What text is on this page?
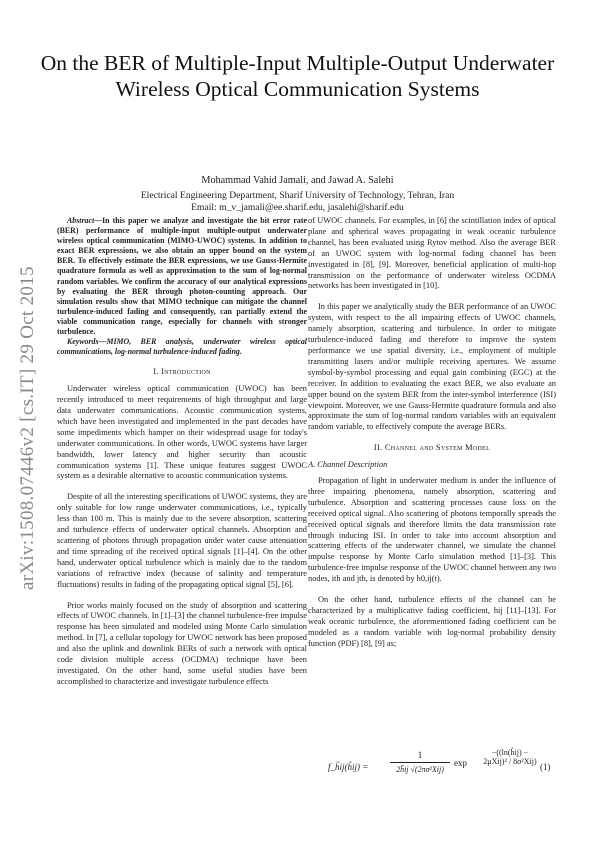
On the BER of Multiple-Input Multiple-Output Underwater Wireless Optical Communication Systems
Mohammad Vahid Jamali, and Jawad A. Salehi
Electrical Engineering Department, Sharif University of Technology, Tehran, Iran
Email: m_v_jamali@ee.sharif.edu, jasalehi@sharif.edu
arXiv:1508.07446v2 [cs.IT] 29 Oct 2015

Abstract—In this paper we analyze and investigate the bit error rate (BER) performance of multiple-input multiple-output underwater wireless optical communication (MIMO-UWOC) systems. In addition to exact BER expressions, we also obtain an upper bound on the system BER. To effectively estimate the BER expressions, we use Gauss-Hermite quadrature formula as well as approximation to the sum of log-normal random variables. We confirm the accuracy of our analytical expressions by evaluating the BER through photon-counting approach. Our simulation results show that MIMO technique can mitigate the channel turbulence-induced fading and consequently, can partially extend the viable communication range, especially for channels with stronger turbulence.

Keywords—MIMO, BER analysis, underwater wireless optical communications, log-normal turbulence-induced fading.

I. Introduction

Underwater wireless optical communication (UWOC) has been recently introduced to meet requirements of high throughput and large data underwater communications. Acoustic communication systems, which have been investigated and implemented in the past decades have some impediments which hamper on their widespread usage for today's underwater communications. In other words, UWOC systems have larger bandwidth, lower latency and higher security than acoustic communication systems [1]. These unique features suggest UWOC system as a desirable alternative to acoustic communication systems.

Despite of all the interesting specifications of UWOC systems, they are only suitable for low range underwater communications, i.e., typically less than 100 m. This is mainly due to the severe absorption, scattering and turbulence effects of underwater optical channels. Absorption and scattering of photons through propagation under water cause attenuation and time spreading of the received optical signals [1]–[4]. On the other hand, underwater optical turbulence which is mainly due to the random variations of refractive index (because of salinity and temperature fluctuations) results in fading of the propagating optical signal [5], [6].

Prior works mainly focused on the study of absorption and scattering effects of UWOC channels. In [1]–[3] the channel turbulence-free impulse response has been simulated and modeled using Monte Carlo simulation method. In [7], a cellular topology for UWOC network has been proposed and also the uplink and downlink BERs of such a network with optical code division multiple access (OCDMA) technique have been investigated. On the other hand, some useful studies have been accomplished to characterize and investigate turbulence effects

of UWOC channels. For examples, in [6] the scintillation index of optical plane and spherical waves propagating in weak oceanic turbulence channel, has been evaluated using Rytov method. Also the average BER of an UWOC system with log-normal fading channel has been investigated in [8], [9]. Moreover, beneficial application of multi-hop transmission on the performance of underwater wireless OCDMA networks has been investigated in [10].

In this paper we analytically study the BER performance of an UWOC system, with respect to the all impairing effects of UWOC channels, namely absorption, scattering and turbulence. In order to mitigate turbulence-induced fading and therefore to improve the system performance we use spatial diversity, i.e., employment of multiple transmitting lasers and/or multiple receiving apertures. We assume symbol-by-symbol processing and equal gain combining (EGC) at the receiver. In addition to evaluating the exact BER, we also evaluate an upper bound on the system BER from the inter-symbol interference (ISI) viewpoint. Moreover, we use Gauss-Hermite quadrature formula and also approximate the sum of log-normal random variables with an equivalent random variable, to effectively compute the average BERs.

II. Channel and System Model
A. Channel Description

Propagation of light in underwater medium is under the influence of three impairing phenomena, namely absorption, scattering and turbulence. Absorption and scattering processes cause loss on the received optical signal. Also scattering of photons temporally spreads the received optical signals and therefore limits the data transmission rate through inducing ISI. In order to take into account absorption and scattering effects of the underwater channel, we simulate the channel impulse response by Monte Carlo simulation method [1]–[3]. This turbulence-free impulse response of the UWOC channel between any two nodes, ith and jth, is denoted by h0,ij(t).

On the other hand, turbulence effects of the channel can be characterized by a multiplicative fading coefficient, hij [11]–[13]. For weak oceanic turbulence, the aforementioned fading coefficient can be modeled as a random variable with log-normal probability density function (PDF) [8], [9] as;

f_h̃ij(h̃ij) =
1
2h̃ij √(2πσ²Xij)
exp
−((ln(h̃ij) − 2μXij)² / 8σ²Xij)
(1)
